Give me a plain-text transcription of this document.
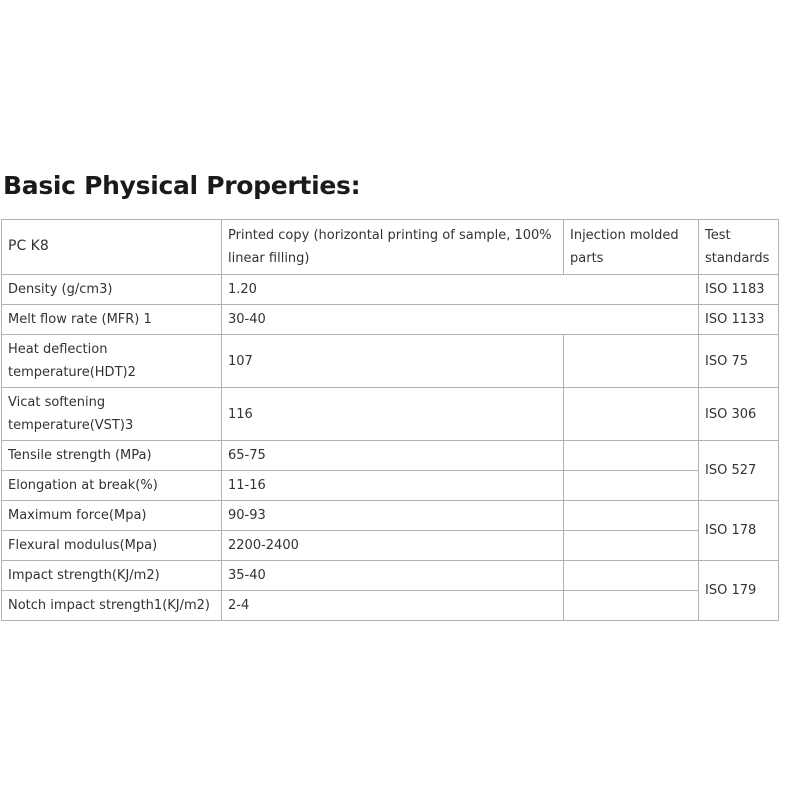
Basic Physical Properties:
PC K8	Printed copy (horizontal printing of sample, 100% linear filling)	Injection molded parts	Test standards
Density (g/cm3)	1.20		ISO 1183
Melt flow rate (MFR) 1	30-40		ISO 1133
Heat deflection temperature(HDT)2	107		ISO 75
Vicat softening temperature(VST)3	116		ISO 306
Tensile strength (MPa)	65-75		ISO 527
Elongation at break(%)	11-16		
Maximum force(Mpa)	90-93		ISO 178
Flexural modulus(Mpa)	2200-2400		
Impact strength(KJ/m2)	35-40		ISO 179
Notch impact strength1(KJ/m2)	2-4		
